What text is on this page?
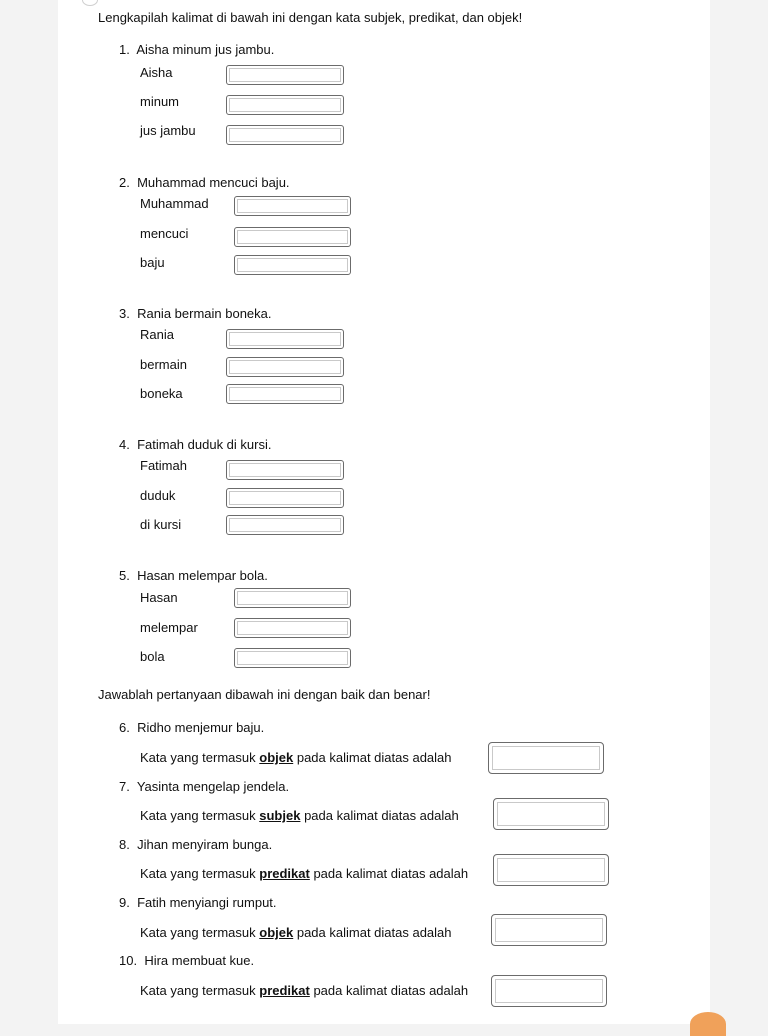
Lengkapilah kalimat di bawah ini dengan kata subjek, predikat, dan objek!
1. Aisha minum jus jambu.
Aisha
minum
jus jambu
2. Muhammad mencuci baju.
Muhammad
mencuci
baju
3. Rania bermain boneka.
Rania
bermain
boneka
4. Fatimah duduk di kursi.
Fatimah
duduk
di kursi
5. Hasan melempar bola.
Hasan
melempar
bola
Jawablah pertanyaan dibawah ini dengan baik dan benar!
6. Ridho menjemur baju.
Kata yang termasuk objek pada kalimat diatas adalah
7. Yasinta mengelap jendela.
Kata yang termasuk subjek pada kalimat diatas adalah
8. Jihan menyiram bunga.
Kata yang termasuk predikat pada kalimat diatas adalah
9. Fatih menyiangi rumput.
Kata yang termasuk objek pada kalimat diatas adalah
10. Hira membuat kue.
Kata yang termasuk predikat pada kalimat diatas adalah
